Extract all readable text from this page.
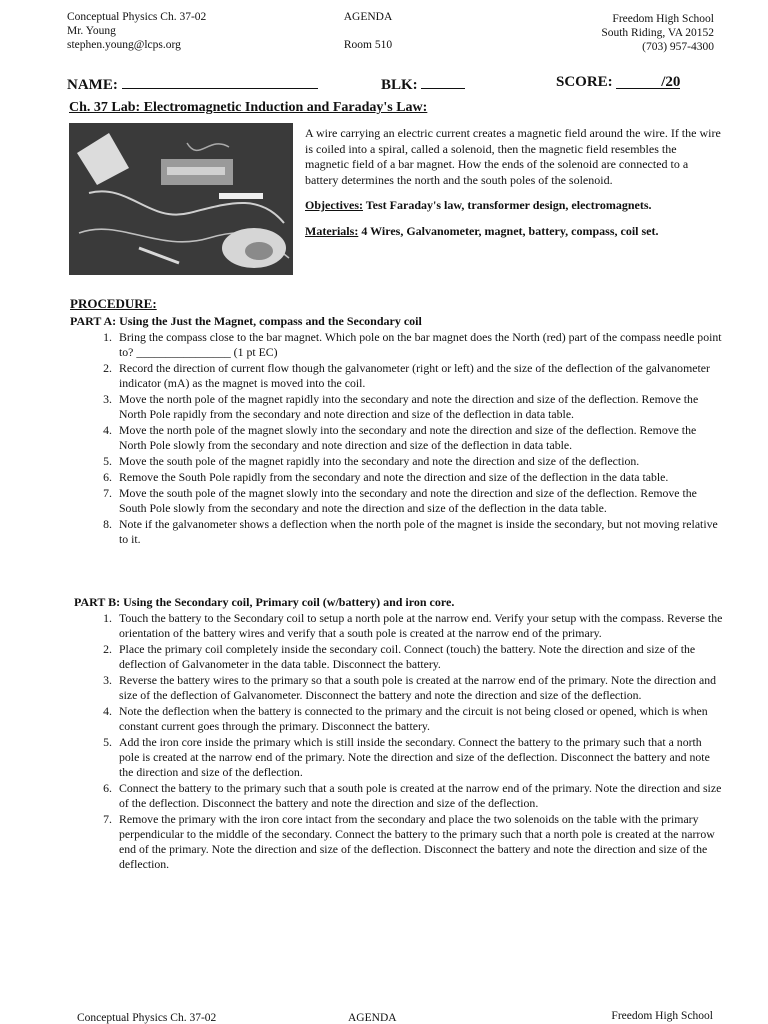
Conceptual Physics Ch. 37-02
Mr. Young
stephen.young@lcps.org
AGENDA
Room 510
Freedom High School
South Riding, VA 20152
(703) 957-4300
NAME:	BLK:	SCORE:	/20
Ch. 37 Lab: Electromagnetic Induction and Faraday's Law:

A wire carrying an electric current creates a magnetic field around the wire. If the wire is coiled into a spiral, called a solenoid, then the magnetic field resembles the magnetic field of a bar magnet. How the ends of the solenoid are connected to a battery determines the north and the south poles of the solenoid.

Objectives: Test Faraday's law, transformer design, electromagnets.

Materials: 4 Wires, Galvanometer, magnet, battery, compass, coil set.

PROCEDURE:
PART A: Using the Just the Magnet, compass and the Secondary coil
1. Bring the compass close to the bar magnet. Which pole on the bar magnet does the North (red) part of the compass needle point to? ________________ (1 pt EC)
2. Record the direction of current flow though the galvanometer (right or left) and the size of the deflection of the galvanometer indicator (mA) as the magnet is moved into the coil.
3. Move the north pole of the magnet rapidly into the secondary and note the direction and size of the deflection. Remove the North Pole rapidly from the secondary and note direction and size of the deflection in data table.
4. Move the north pole of the magnet slowly into the secondary and note the direction and size of the deflection. Remove the North Pole slowly from the secondary and note direction and size of the deflection in data table.
5. Move the south pole of the magnet rapidly into the secondary and note the direction and size of the deflection.
6. Remove the South Pole rapidly from the secondary and note the direction and size of the deflection in the data table.
7. Move the south pole of the magnet slowly into the secondary and note the direction and size of the deflection. Remove the South Pole slowly from the secondary and note the direction and size of the deflection in the data table.
8. Note if the galvanometer shows a deflection when the north pole of the magnet is inside the secondary, but not moving relative to it.
PART B: Using the Secondary coil, Primary coil (w/battery) and iron core.
1. Touch the battery to the Secondary coil to setup a north pole at the narrow end. Verify your setup with the compass. Reverse the orientation of the battery wires and verify that a south pole is created at the narrow end of the primary.
2. Place the primary coil completely inside the secondary coil. Connect (touch) the battery. Note the direction and size of the deflection of Galvanometer in the data table. Disconnect the battery.
3. Reverse the battery wires to the primary so that a south pole is created at the narrow end of the primary. Note the direction and size of the deflection of Galvanometer. Disconnect the battery and note the direction and size of the deflection.
4. Note the deflection when the battery is connected to the primary and the circuit is not being closed or opened, which is when constant current goes through the primary. Disconnect the battery.
5. Add the iron core inside the primary which is still inside the secondary. Connect the battery to the primary such that a north pole is created at the narrow end of the primary. Note the direction and size of the deflection. Disconnect the battery and note the direction and size of the deflection.
6. Connect the battery to the primary such that a south pole is created at the narrow end of the primary. Note the direction and size of the deflection. Disconnect the battery and note the direction and size of the deflection.
7. Remove the primary with the iron core intact from the secondary and place the two solenoids on the table with the primary perpendicular to the middle of the secondary. Connect the battery to the primary such that a north pole is created at the narrow end of the primary. Note the direction and size of the deflection. Disconnect the battery and note the direction and size of the deflection.
Conceptual Physics Ch. 37-02	AGENDA	Freedom High School
